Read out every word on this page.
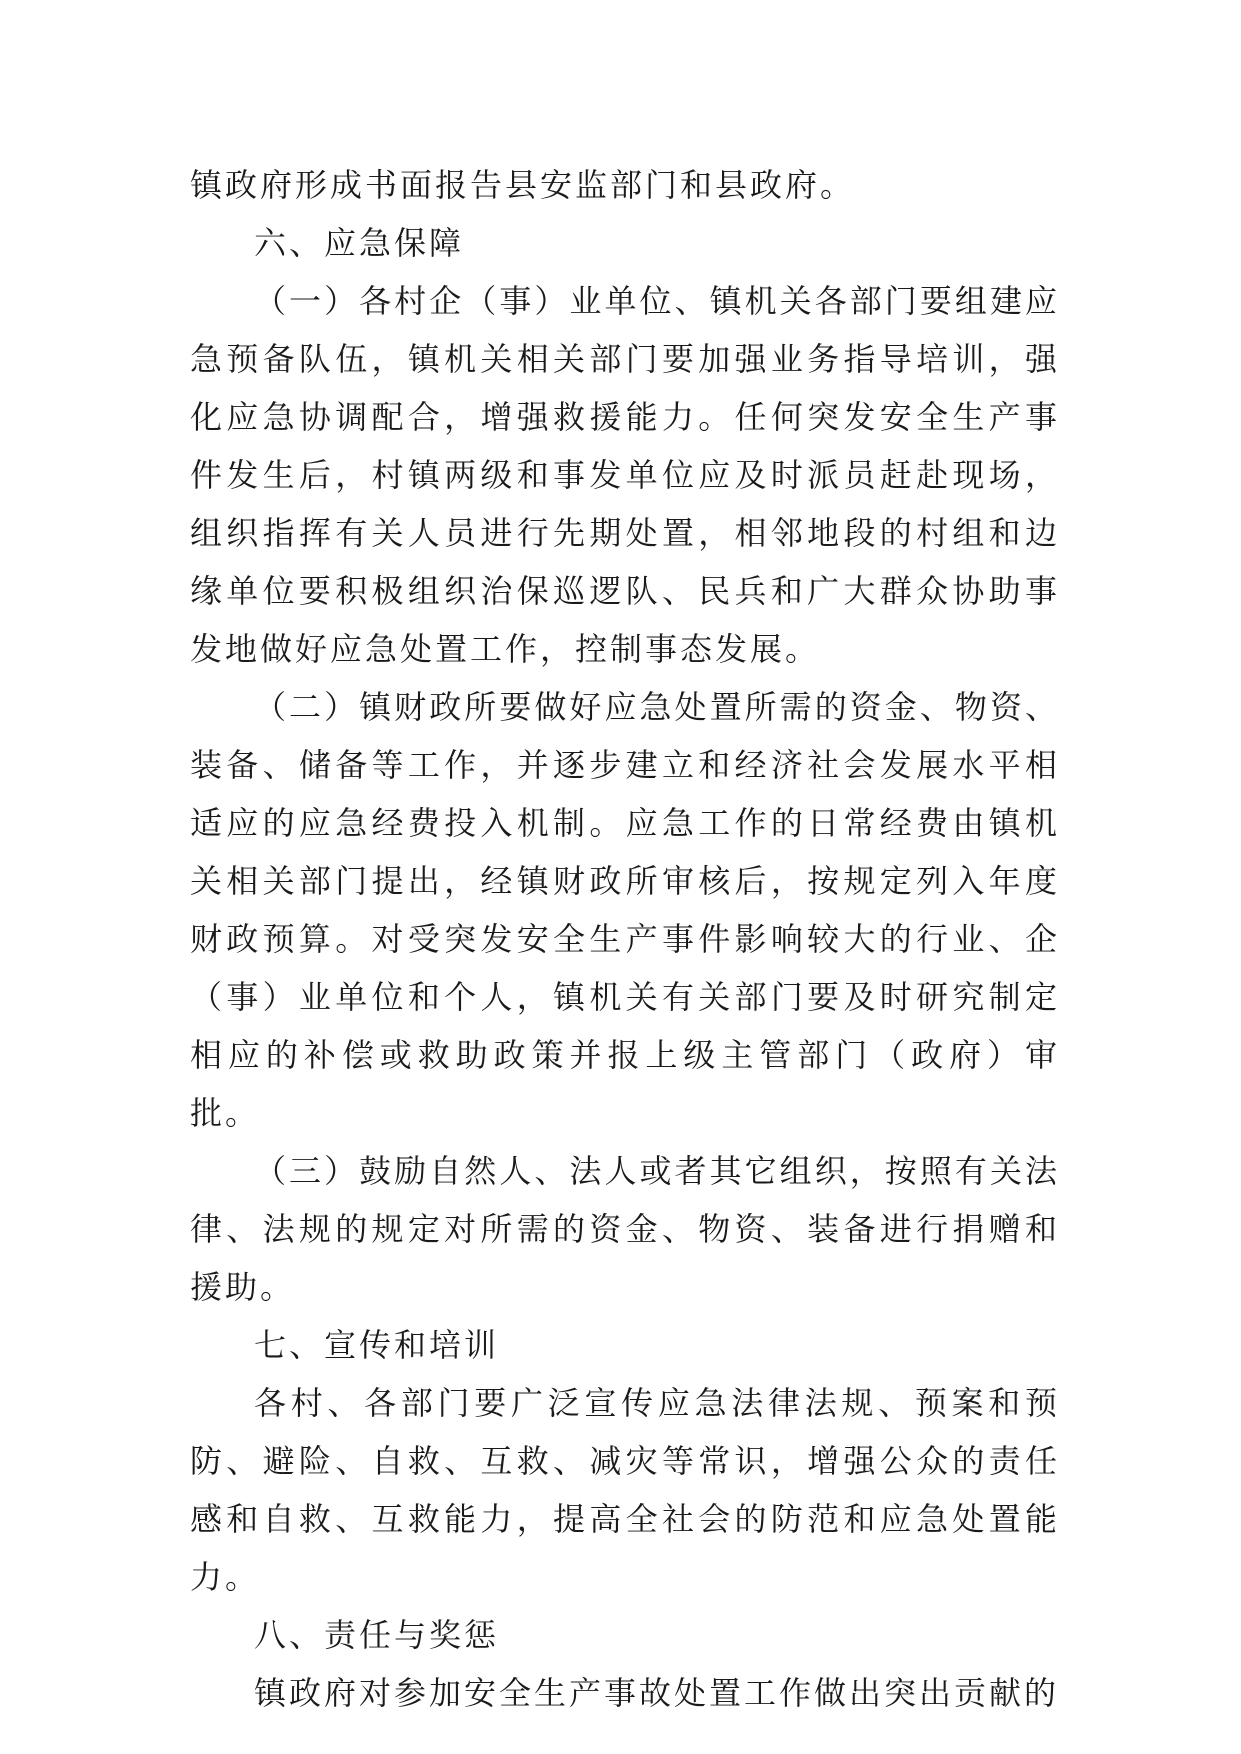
镇政府形成书面报告县安监部门和县政府。

六、应急保障

（一）各村企（事）业单位、镇机关各部门要组建应急预备队伍，镇机关相关部门要加强业务指导培训，强化应急协调配合，增强救援能力。任何突发安全生产事件发生后，村镇两级和事发单位应及时派员赶赴现场，组织指挥有关人员进行先期处置，相邻地段的村组和边缘单位要积极组织治保巡逻队、民兵和广大群众协助事发地做好应急处置工作，控制事态发展。

（二）镇财政所要做好应急处置所需的资金、物资、装备、储备等工作，并逐步建立和经济社会发展水平相适应的应急经费投入机制。应急工作的日常经费由镇机关相关部门提出，经镇财政所审核后，按规定列入年度财政预算。对受突发安全生产事件影响较大的行业、企（事）业单位和个人，镇机关有关部门要及时研究制定相应的补偿或救助政策并报上级主管部门（政府）审批。

（三）鼓励自然人、法人或者其它组织，按照有关法律、法规的规定对所需的资金、物资、装备进行捐赠和援助。

七、宣传和培训

各村、各部门要广泛宣传应急法律法规、预案和预防、避险、自救、互救、减灾等常识，增强公众的责任感和自救、互救能力，提高全社会的防范和应急处置能力。

八、责任与奖惩

镇政府对参加安全生产事故处置工作做出突出贡献的
